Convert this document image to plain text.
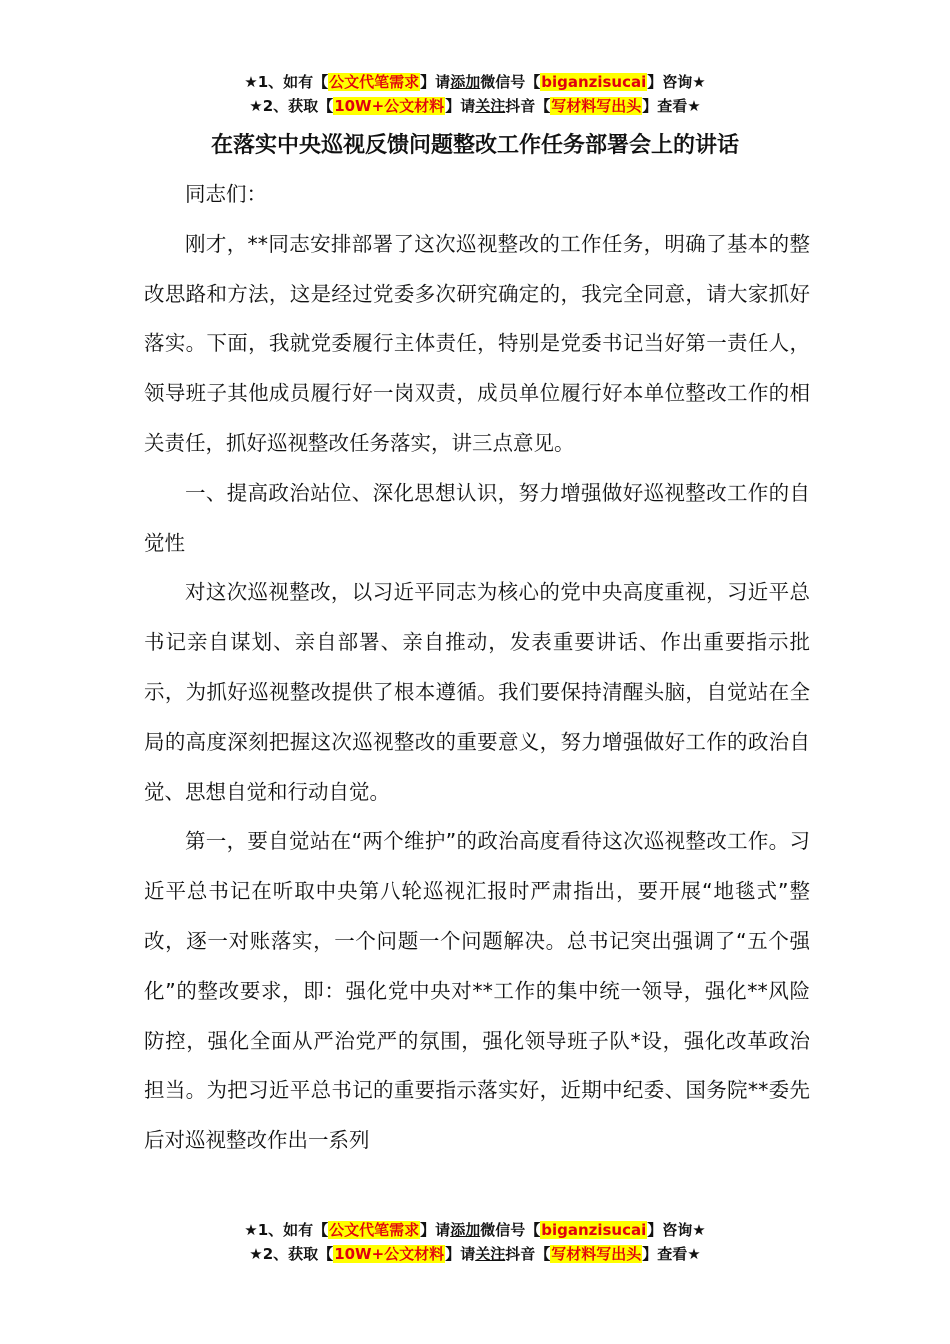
★1、如有【公文代笔需求】请添加微信号【biganzisucai】咨询★
★2、获取【10W+公文材料】请关注抖音【写材料写出头】查看★
在落实中央巡视反馈问题整改工作任务部署会上的讲话

同志们：

刚才，**同志安排部署了这次巡视整改的工作任务，明确了基本的整改思路和方法，这是经过党委多次研究确定的，我完全同意，请大家抓好落实。下面，我就党委履行主体责任，特别是党委书记当好第一责任人，领导班子其他成员履行好一岗双责，成员单位履行好本单位整改工作的相关责任，抓好巡视整改任务落实，讲三点意见。

一、提高政治站位、深化思想认识，努力增强做好巡视整改工作的自觉性

对这次巡视整改，以习近平同志为核心的党中央高度重视，习近平总书记亲自谋划、亲自部署、亲自推动，发表重要讲话、作出重要指示批示，为抓好巡视整改提供了根本遵循。我们要保持清醒头脑，自觉站在全局的高度深刻把握这次巡视整改的重要意义，努力增强做好工作的政治自觉、思想自觉和行动自觉。

第一，要自觉站在“两个维护”的政治高度看待这次巡视整改工作。习近平总书记在听取中央第八轮巡视汇报时严肃指出，要开展“地毯式”整改，逐一对账落实，一个问题一个问题解决。总书记突出强调了“五个强化”的整改要求，即：强化党中央对**工作的集中统一领导，强化**风险防控，强化全面从严治党严的氛围，强化领导班子队*设，强化改革政治担当。为把习近平总书记的重要指示落实好，近期中纪委、国务院**委先后对巡视整改作出一系列

★1、如有【公文代笔需求】请添加微信号【biganzisucai】咨询★
★2、获取【10W+公文材料】请关注抖音【写材料写出头】查看★
